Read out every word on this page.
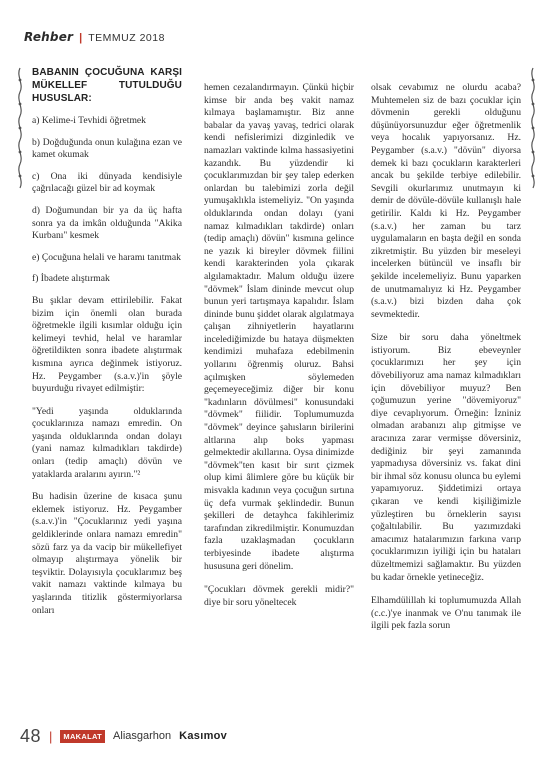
Rehber | TEMMUZ 2018

BABANIN ÇOCUĞUNA KARŞI MÜKELLEF TUTULDUĞU HUSUSLAR:

a) Kelime-i Tevhidi öğretmek

b) Doğduğunda onun kulağına ezan ve kamet okumak

c) Ona iki dünyada kendisiyle çağrılacağı güzel bir ad koymak

d) Doğumundan bir ya da üç hafta sonra ya da imkân olduğunda "Akika Kurbanı" kesmek

e) Çocuğuna helali ve haramı tanıtmak

f) İbadete alıştırmak

Bu şıklar devam ettirilebilir. Fakat bizim için önemli olan burada öğretmekle ilgili kısımlar olduğu için kelimeyi tevhid, helal ve haramlar öğretildikten sonra ibadete alıştırmak kısmına ayrıca değinmek istiyoruz. Hz. Peygamber (s.a.v.)'in şöyle buyurduğu rivayet edilmiştir:

"Yedi yaşında olduklarında çocuklarınıza namazı emredin. On yaşında olduklarında ondan dolayı (yani namaz kılmadıkları takdirde) onları (tedip amaçlı) dövün ve yataklarda aralarını ayırın."²

Bu hadisin üzerine de kısaca şunu eklemek istiyoruz. Hz. Peygamber (s.a.v.)'in "Çocuklarınız yedi yaşına geldiklerinde onlara namazı emredin" sözü farz ya da vacip bir mükellefiyet olmayıp alıştırmaya yönelik bir teşviktir. Dolayısıyla çocuklarımız beş vakit namazı vaktinde kılmaya bu yaşlarında titizlik göstermiyorlarsa onları

hemen cezalandırmayın. Çünkü hiçbir kimse bir anda beş vakit namaz kılmaya başlamamıştır. Biz anne babalar da yavaş yavaş, tedrici olarak kendi nefislerimizi dizginledik ve namazları vaktinde kılma hassasiyetini kazandık. Bu yüzdendir ki çocuklarımızdan bir şey talep ederken onlardan bu talebimizi zorla değil yumuşaklıkla istemeliyiz. "On yaşında olduklarında ondan dolayı (yani namaz kılmadıkları takdirde) onları (tedip amaçlı) dövün" kısmına gelince ne yazık ki bireyler dövmek fiilini kendi karakterinden yola çıkarak algılamaktadır. Malum olduğu üzere "dövmek" İslam dininde mevcut olup bunun yeri tartışmaya kapalıdır. İslam dininde bunu şiddet olarak algılatmaya çalışan zihniyetlerin hayatlarını incelediğimizde bu hataya düşmekten kendimizi muhafaza edebilmenin yollarını öğrenmiş oluruz. Bahsi açılmışken söylemeden geçemeyeceğimiz diğer bir konu "kadınların dövülmesi" konusundaki "dövmek" fiilidir. Toplumumuzda "dövmek" deyince şahısların birilerini altlarına alıp boks yapması gelmektedir akıllarına. Oysa dinimizde "dövmek"ten kasıt bir sırıt çizmek olup kimi âlimlere göre bu küçük bir misvakla kadının veya çocuğun sırtına üç defa vurmak şeklindedir. Bunun şekilleri de detayhca fakihlerimiz tarafından zikredilmiştir. Konumuzdan fazla uzaklaşmadan çocukların terbiyesinde ibadete alıştırma hususuna geri dönelim.

"Çocukları dövmek gerekli midir?" diye bir soru yöneltecek

olsak cevabımız ne olurdu acaba? Muhtemelen siz de bazı çocuklar için dövmenin gerekli olduğunu düşünüyorsunuzdur eğer öğretmenlik veya hocalık yapıyorsanız. Hz. Peygamber (s.a.v.) "dövün" diyorsa demek ki bazı çocukların karakterleri ancak bu şekilde terbiye edilebilir. Sevgili okurlarımız unutmayın ki demir de dövüle-dövüle kullanışlı hale getirilir. Kaldı ki Hz. Peygamber (s.a.v.) her zaman bu tarz uygulamaların en başta değil en sonda zikretmiştir. Bu yüzden bir meseleyi incelerken bütüncül ve insaflı bir şekilde incelemeliyiz. Bunu yaparken de unutmamalıyız ki Hz. Peygamber (s.a.v.) bizi bizden daha çok sevmektedir.

Size bir soru daha yöneltmek istiyorum. Biz ebeveynler çocuklarımızı her şey için dövebiliyoruz ama namaz kılmadıkları için dövebiliyor muyuz? Ben çoğumuzun yerine "dövemiyoruz" diye cevaplıyorum. Örneğin: İzniniz olmadan arabanızı alıp gitmişse ve aracınıza zarar vermişse döversiniz, dediğiniz bir şeyi zamanında yapmadıysa döversiniz vs. fakat dini bir ihmal söz konusu olunca bu eylemi yapamıyoruz. Şiddetimizi ortaya çıkaran ve kendi kişiliğimizle yüzleştiren bu örneklerin sayısı çoğaltılabilir. Bu yazımızdaki amacımız hatalarımızın farkına varıp çocuklarımızın iyiliği için bu hataları düzeltmemizi sağlamaktır. Bu yüzden bu kadar örnekle yetineceğiz.

Elhamdülillah ki toplumumuzda Allah (c.c.)'ye inanmak ve O'nu tanımak ile ilgili pek fazla sorun

48 |	MAKALAT Aliasgarhon Kasımov
